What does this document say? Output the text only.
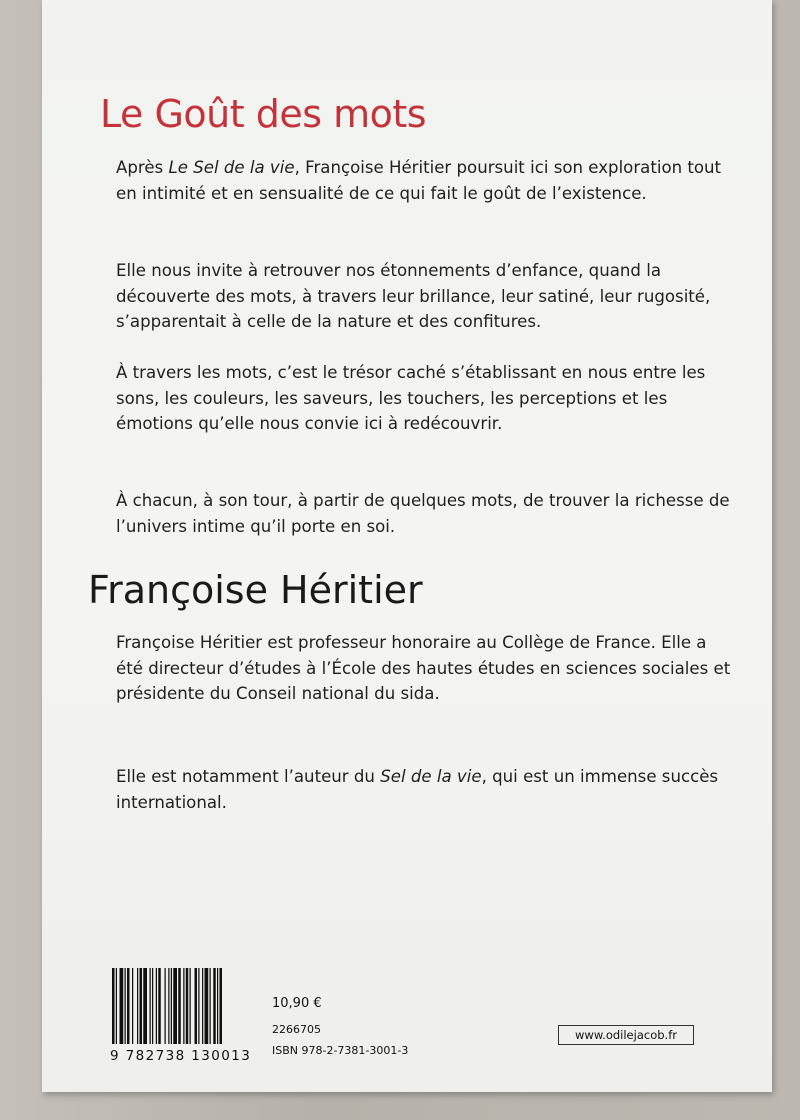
Le Goût des mots

Après Le Sel de la vie, Françoise Héritier poursuit ici son exploration tout en intimité et en sensualité de ce qui fait le goût de l’existence.

Elle nous invite à retrouver nos étonnements d’enfance, quand la découverte des mots, à travers leur brillance, leur satiné, leur rugosité, s’apparentait à celle de la nature et des confitures.

À travers les mots, c’est le trésor caché s’établissant en nous entre les sons, les couleurs, les saveurs, les touchers, les perceptions et les émotions qu’elle nous convie ici à redécouvrir.

À chacun, à son tour, à partir de quelques mots, de trouver la richesse de l’univers intime qu’il porte en soi.

Françoise Héritier

Françoise Héritier est professeur honoraire au Collège de France. Elle a été directeur d’études à l’École des hautes études en sciences sociales et présidente du Conseil national du sida.

Elle est notamment l’auteur du Sel de la vie, qui est un immense succès international.

9 782738 130013
10,90 €
2266705
ISBN 978-2-7381-3001-3
www.odilejacob.fr
